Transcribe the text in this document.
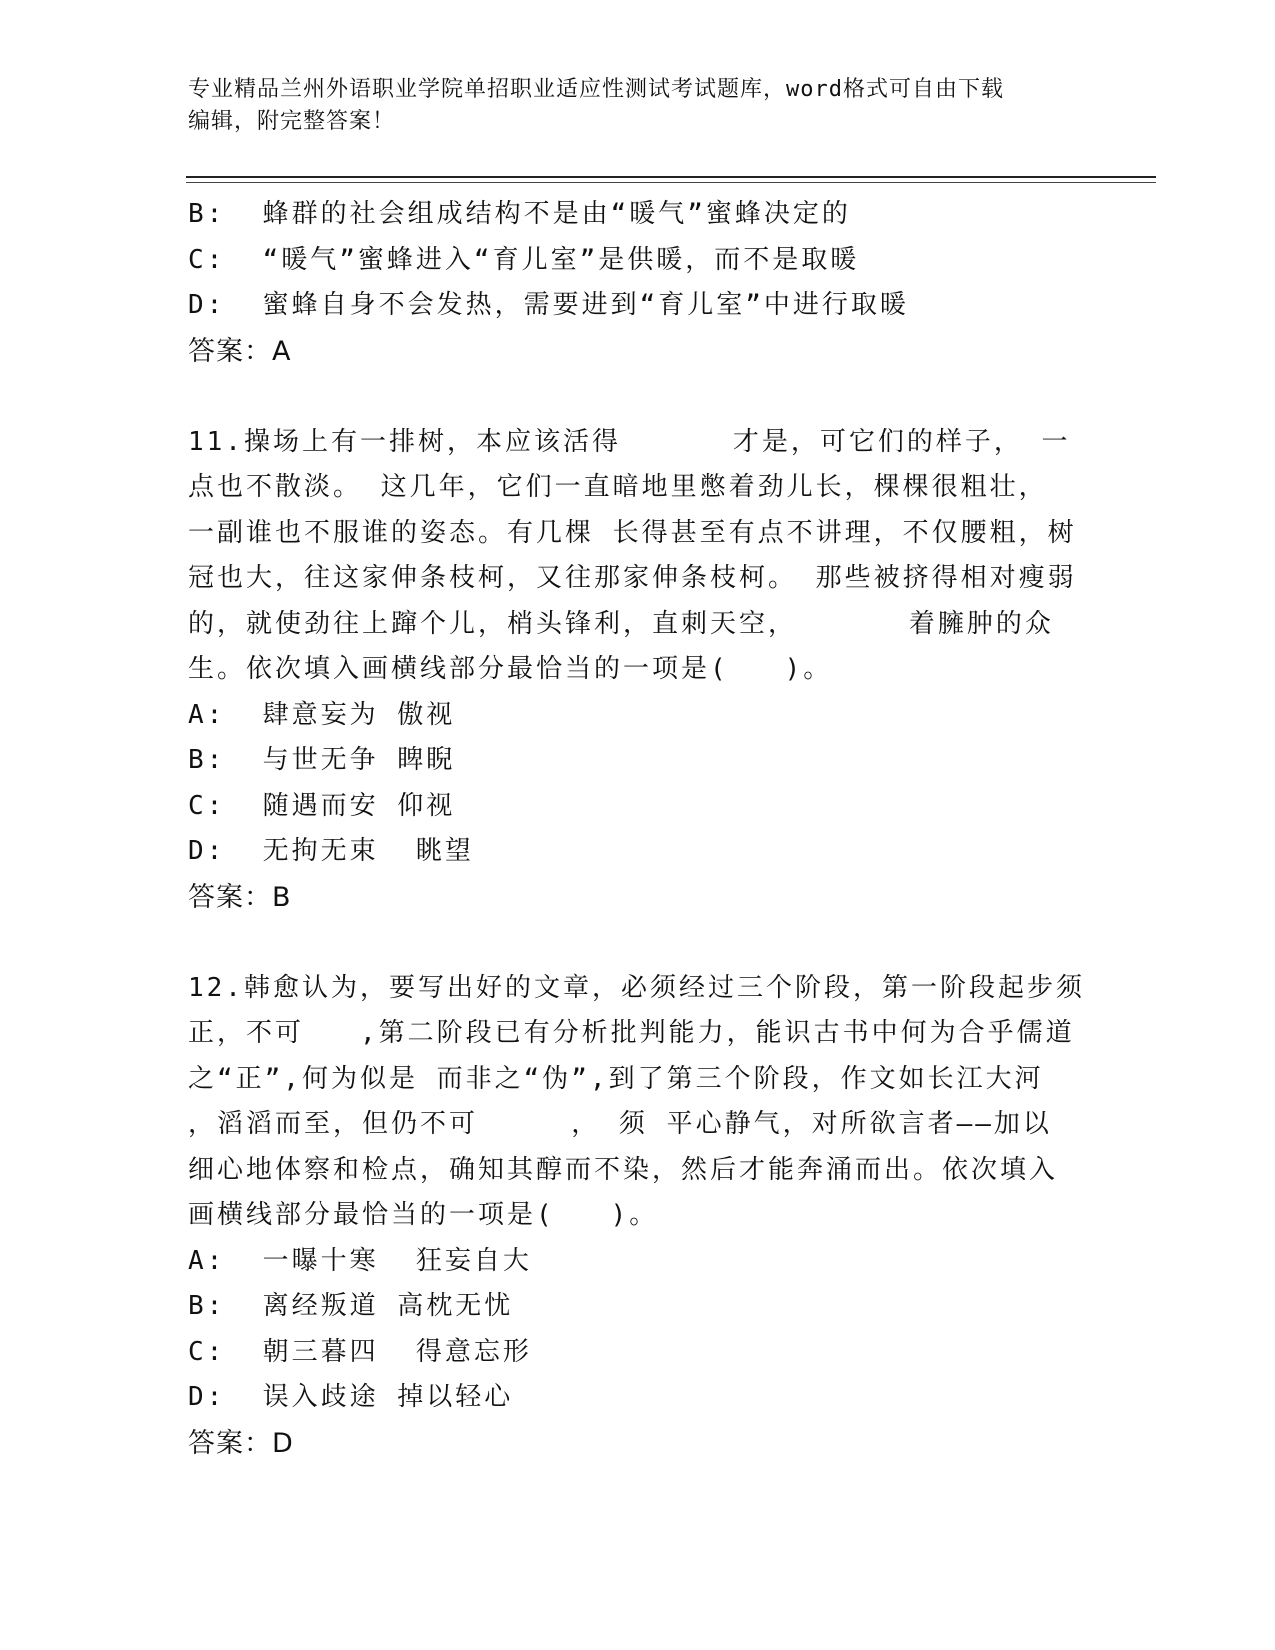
专业精品兰州外语职业学院单招职业适应性测试考试题库，word格式可自由下载
编辑，附完整答案！
B:  蜂群的社会组成结构不是由“暖气”蜜蜂决定的
C:  “暖气”蜜蜂进入“育儿室”是供暖，而不是取暖
D:  蜜蜂自身不会发热，需要进到“育儿室”中进行取暖
答案：A
11.操场上有一排树，本应该活得      才是，可它们的样子， 一
点也不散淡。 这几年，它们一直暗地里憋着劲儿长，棵棵很粗壮，
一副谁也不服谁的姿态。有几棵 长得甚至有点不讲理，不仅腰粗，树
冠也大，往这家伸条枝柯，又往那家伸条枝柯。 那些被挤得相对瘦弱
的，就使劲往上蹿个儿，梢头锋利，直刺天空，      着臃肿的众
生。依次填入画横线部分最恰当的一项是(   )。
A:  肆意妄为 傲视
B:  与世无争 睥睨
C:  随遇而安 仰视
D:  无拘无束  眺望
答案：B
12.韩愈认为，要写出好的文章，必须经过三个阶段，第一阶段起步须
正，不可   ,第二阶段已有分析批判能力，能识古书中何为合乎儒道
之“正”,何为似是 而非之“伪”,到了第三个阶段，作文如长江大河
，滔滔而至，但仍不可     ， 须 平心静气，对所欲言者——加以
细心地体察和检点，确知其醇而不染，然后才能奔涌而出。依次填入
画横线部分最恰当的一项是(   )。
A:  一曝十寒  狂妄自大
B:  离经叛道 高枕无忧
C:  朝三暮四  得意忘形
D:  误入歧途 掉以轻心
答案：D
